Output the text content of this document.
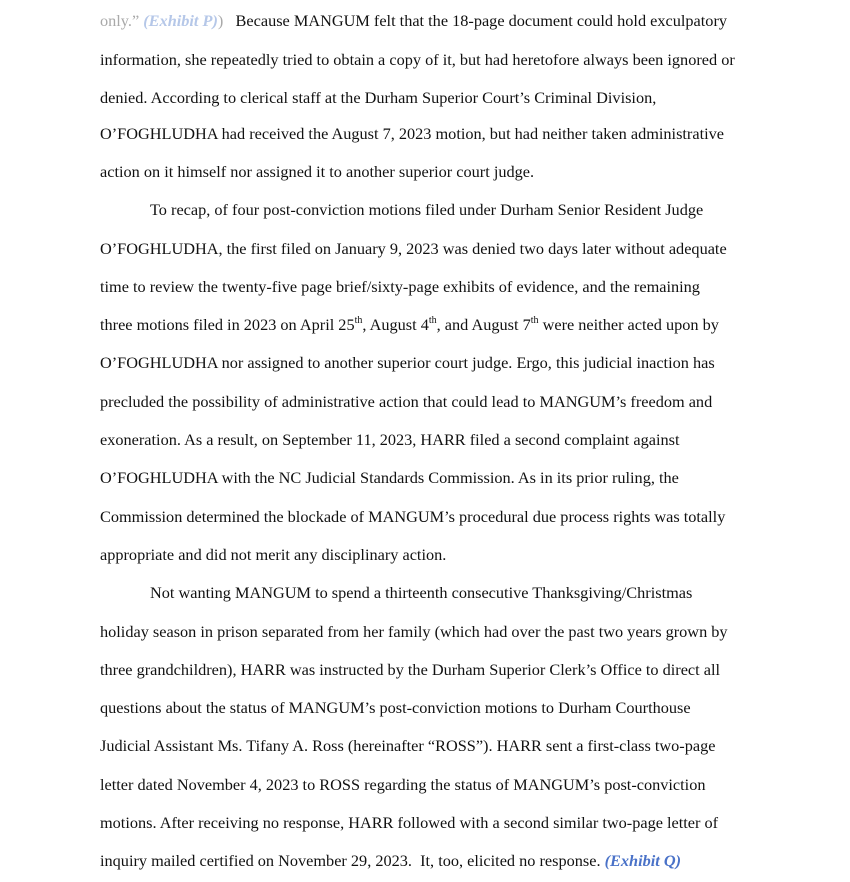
only.” (Exhibit P))   Because MANGUM felt that the 18-page document could hold exculpatory
information, she repeatedly tried to obtain a copy of it, but had heretofore always been ignored or
denied. According to clerical staff at the Durham Superior Court’s Criminal Division,
O’FOGHLUDHA had received the August 7, 2023 motion, but had neither taken administrative
action on it himself nor assigned it to another superior court judge.
To recap, of four post-conviction motions filed under Durham Senior Resident Judge
O’FOGHLUDHA, the first filed on January 9, 2023 was denied two days later without adequate
time to review the twenty-five page brief/sixty-page exhibits of evidence, and the remaining
three motions filed in 2023 on April 25th, August 4th, and August 7th were neither acted upon by
O’FOGHLUDHA nor assigned to another superior court judge. Ergo, this judicial inaction has
precluded the possibility of administrative action that could lead to MANGUM’s freedom and
exoneration. As a result, on September 11, 2023, HARR filed a second complaint against
O’FOGHLUDHA with the NC Judicial Standards Commission. As in its prior ruling, the
Commission determined the blockade of MANGUM’s procedural due process rights was totally
appropriate and did not merit any disciplinary action.
Not wanting MANGUM to spend a thirteenth consecutive Thanksgiving/Christmas
holiday season in prison separated from her family (which had over the past two years grown by
three grandchildren), HARR was instructed by the Durham Superior Clerk’s Office to direct all
questions about the status of MANGUM’s post-conviction motions to Durham Courthouse
Judicial Assistant Ms. Tifany A. Ross (hereinafter “ROSS”). HARR sent a first-class two-page
letter dated November 4, 2023 to ROSS regarding the status of MANGUM’s post-conviction
motions. After receiving no response, HARR followed with a second similar two-page letter of
inquiry mailed certified on November 29, 2023.  It, too, elicited no response. (Exhibit Q)
